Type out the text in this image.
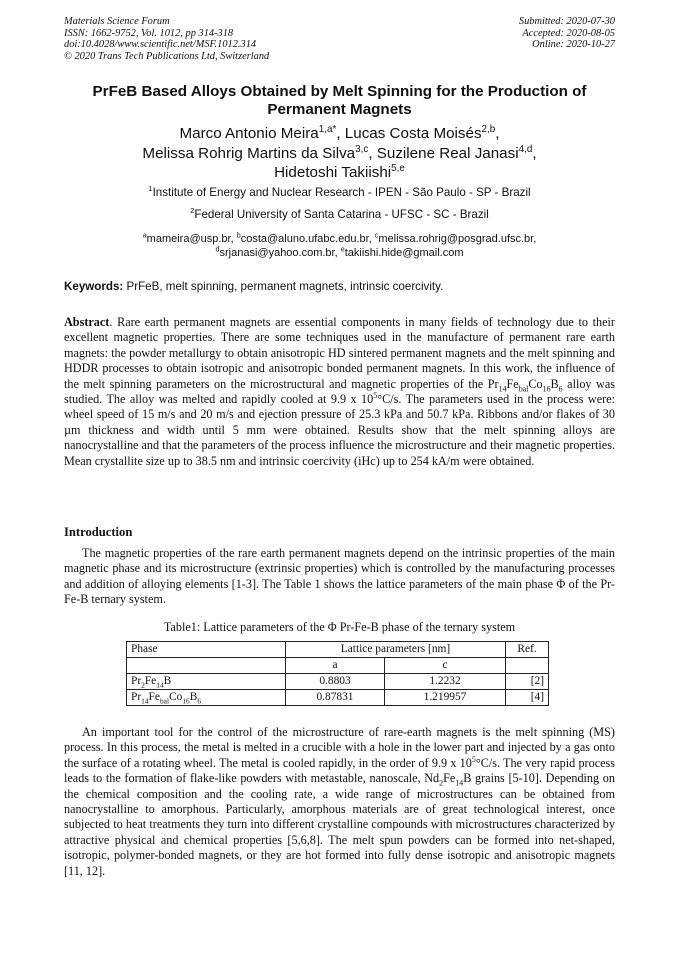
Materials Science Forum
ISSN: 1662-9752, Vol. 1012, pp 314-318
doi:10.4028/www.scientific.net/MSF.1012.314
© 2020 Trans Tech Publications Ltd, Switzerland
Submitted: 2020-07-30
Accepted: 2020-08-05
Online: 2020-10-27
PrFeB Based Alloys Obtained by Melt Spinning for the Production of Permanent Magnets
Marco Antonio Meira$^{1,a*}$, Lucas Costa Moisés$^{2,b}$,
Melissa Rohrig Martins da Silva$^{3,c}$, Suzilene Real Janasi$^{4,d}$,
Hidetoshi Takiishi$^{5,e}$
$^1$Institute of Energy and Nuclear Research - IPEN - São Paulo - SP - Brazil
$^2$Federal University of Santa Catarina - UFSC - SC - Brazil
$^a$mameira@usp.br, $^b$costa@aluno.ufabc.edu.br, $^c$melissa.rohrig@posgrad.ufsc.br,
$^d$srjanasi@yahoo.com.br, $^e$takiishi.hide@gmail.com
Keywords: PrFeB, melt spinning, permanent magnets, intrinsic coercivity.

Abstract. Rare earth permanent magnets are essential components in many fields of technology due to their excellent magnetic properties. There are some techniques used in the manufacture of permanent rare earth magnets: the powder metallurgy to obtain anisotropic HD sintered permanent magnets and the melt spinning and HDDR processes to obtain isotropic and anisotropic bonded permanent magnets. In this work, the influence of the melt spinning parameters on the microstructural and magnetic properties of the $Pr_{14}Fe_{bal}Co_{16}B_6$ alloy was studied. The alloy was melted and rapidly cooled at 9.9 x $10^5^\circ C/s$. The parameters used in the process were: wheel speed of 15 m/s and 20 m/s and ejection pressure of 25.3 kPa and 50.7 kPa. Ribbons and/or flakes of 30 µm thickness and width until 5 mm were obtained. Results show that the melt spinning alloys are nanocrystalline and that the parameters of the process influence the microstructure and their magnetic properties. Mean crystallite size up to 38.5 nm and intrinsic coercivity (iHc) up to 254 kA/m were obtained.

Introduction

The magnetic properties of the rare earth permanent magnets depend on the intrinsic properties of the main magnetic phase and its microstructure (extrinsic properties) which is controlled by the manufacturing processes and addition of alloying elements [1-3]. The Table 1 shows the lattice parameters of the main phase Φ of the Pr-Fe-B ternary system.

Table1: Lattice parameters of the Φ Pr-Fe-B phase of the ternary system
Phase	Lattice parameters [nm]		Ref.
	a	c	
$Pr_2Fe_{14}B$	0.8803	1.2232	[2]
$Pr_{14}Fe_{bal}Co_{16}B_6$	0.87831	1.219957	[4]

An important tool for the control of the microstructure of rare-earth magnets is the melt spinning (MS) process. In this process, the metal is melted in a crucible with a hole in the lower part and injected by a gas onto the surface of a rotating wheel. The metal is cooled rapidly, in the order of 9.9 x $10^5^\circ C/s$. The very rapid process leads to the formation of flake-like powders with metastable, nanoscale, $Nd_2Fe_{14}B$ grains [5-10]. Depending on the chemical composition and the cooling rate, a wide range of microstructures can be obtained from nanocrystalline to amorphous. Particularly, amorphous materials are of great technological interest, once subjected to heat treatments they turn into different crystalline compounds with microstructures characterized by attractive physical and chemical properties [5,6,8]. The melt spun powders can be formed into net-shaped, isotropic, polymer-bonded magnets, or they are hot formed into fully dense isotropic and anisotropic magnets [11, 12].
